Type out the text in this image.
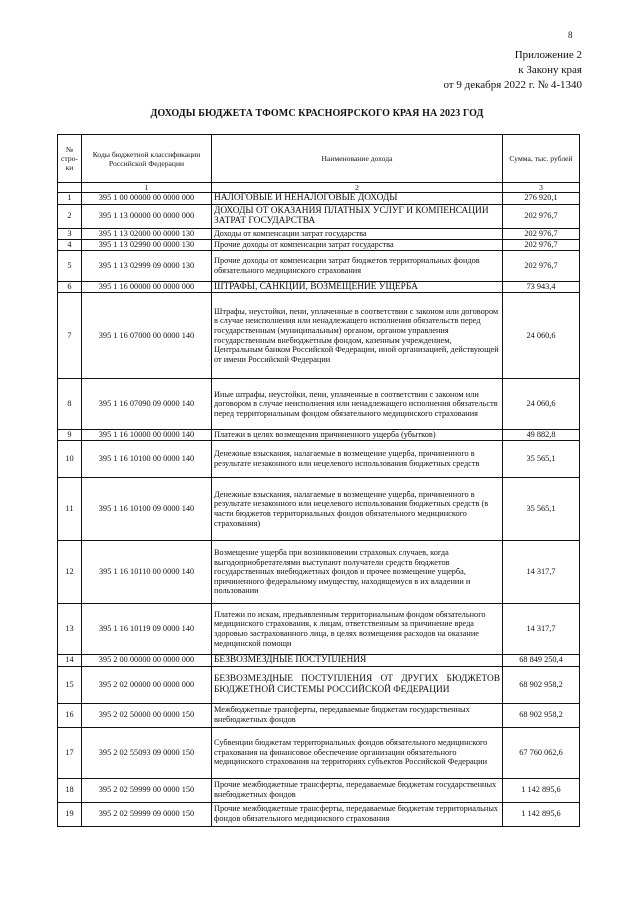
8
Приложение 2
к Закону края
от 9 декабря 2022 г. № 4-1340
ДОХОДЫ БЮДЖЕТА ТФОМС КРАСНОЯРСКОГО КРАЯ НА 2023 ГОД
№ стро-ки	Коды бюджетной классификации Российской Федерации	Наименование дохода	Сумма, тыс. рублей
	1	2	3
1	395 1 00 00000 00 0000 000	НАЛОГОВЫЕ И НЕНАЛОГОВЫЕ ДОХОДЫ	276 920,1
2	395 1 13 00000 00 0000 000	ДОХОДЫ ОТ ОКАЗАНИЯ ПЛАТНЫХ УСЛУГ И КОМПЕНСАЦИИ ЗАТРАТ ГОСУДАРСТВА	202 976,7
3	395 1 13 02000 00 0000 130	Доходы от компенсации затрат государства	202 976,7
4	395 1 13 02990 00 0000 130	Прочие доходы от компенсации затрат государства	202 976,7
5	395 1 13 02999 09 0000 130	Прочие доходы от компенсации затрат бюджетов территориальных фондов обязательного медицинского страхования	202 976,7
6	395 1 16 00000 00 0000 000	ШТРАФЫ, САНКЦИИ, ВОЗМЕЩЕНИЕ УЩЕРБА	73 943,4
7	395 1 16 07000 00 0000 140	Штрафы, неустойки, пени, уплаченные в соответствии с законом или договором в случае неисполнения или ненадлежащего исполнения обязательств перед государственным (муниципальным) органом, органом управления государственным внебюджетным фондом, казенным учреждением, Центральным банком Российской Федерации, иной организацией, действующей от имени Российской Федерации	24 060,6
8	395 1 16 07090 09 0000 140	Иные штрафы, неустойки, пени, уплаченные в соответствии с законом или договором в случае неисполнения или ненадлежащего исполнения обязательств перед территориальным фондом обязательного медицинского страхования	24 060,6
9	395 1 16 10000 00 0000 140	Платежи в целях возмещения причиненного ущерба (убытков)	49 882,8
10	395 1 16 10100 00 0000 140	Денежные взыскания, налагаемые в возмещение ущерба, причиненного в результате незаконного или нецелевого использования бюджетных средств	35 565,1
11	395 1 16 10100 09 0000 140	Денежные взыскания, налагаемые в возмещение ущерба, причиненного в результате незаконного или нецелевого использования бюджетных средств (в части бюджетов территориальных фондов обязательного медицинского страхования)	35 565,1
12	395 1 16 10110 00 0000 140	Возмещение ущерба при возникновении страховых случаев, когда выгодоприобретателями выступают получатели средств бюджетов государственных внебюджетных фондов и прочее возмещение ущерба, причиненного федеральному имуществу, находящемуся в их владении и пользовании	14 317,7
13	395 1 16 10119 09 0000 140	Платежи по искам, предъявленным территориальным фондом обязательного медицинского страхования, к лицам, ответственным за причинение вреда здоровью застрахованного лица, в целях возмещения расходов на оказание медицинской помощи	14 317,7
14	395 2 00 00000 00 0000 000	БЕЗВОЗМЕЗДНЫЕ ПОСТУПЛЕНИЯ	68 849 250,4
15	395 2 02 00000 00 0000 000	БЕЗВОЗМЕЗДНЫЕ ПОСТУПЛЕНИЯ ОТ ДРУГИХ БЮДЖЕТОВ БЮДЖЕТНОЙ СИСТЕМЫ РОССИЙСКОЙ ФЕДЕРАЦИИ	68 902 958,2
16	395 2 02 50000 00 0000 150	Межбюджетные трансферты, передаваемые бюджетам государственных внебюджетных фондов	68 902 958,2
17	395 2 02 55093 09 0000 150	Субвенции бюджетам территориальных фондов обязательного медицинского страхования на финансовое обеспечение организации обязательного медицинского страхования на территориях субъектов Российской Федерации	67 760 062,6
18	395 2 02 59999 00 0000 150	Прочие межбюджетные трансферты, передаваемые бюджетам государственных внебюджетных фондов	1 142 895,6
19	395 2 02 59999 09 0000 150	Прочие межбюджетные трансферты, передаваемые бюджетам территориальных фондов обязательного медицинского страхования	1 142 895,6
